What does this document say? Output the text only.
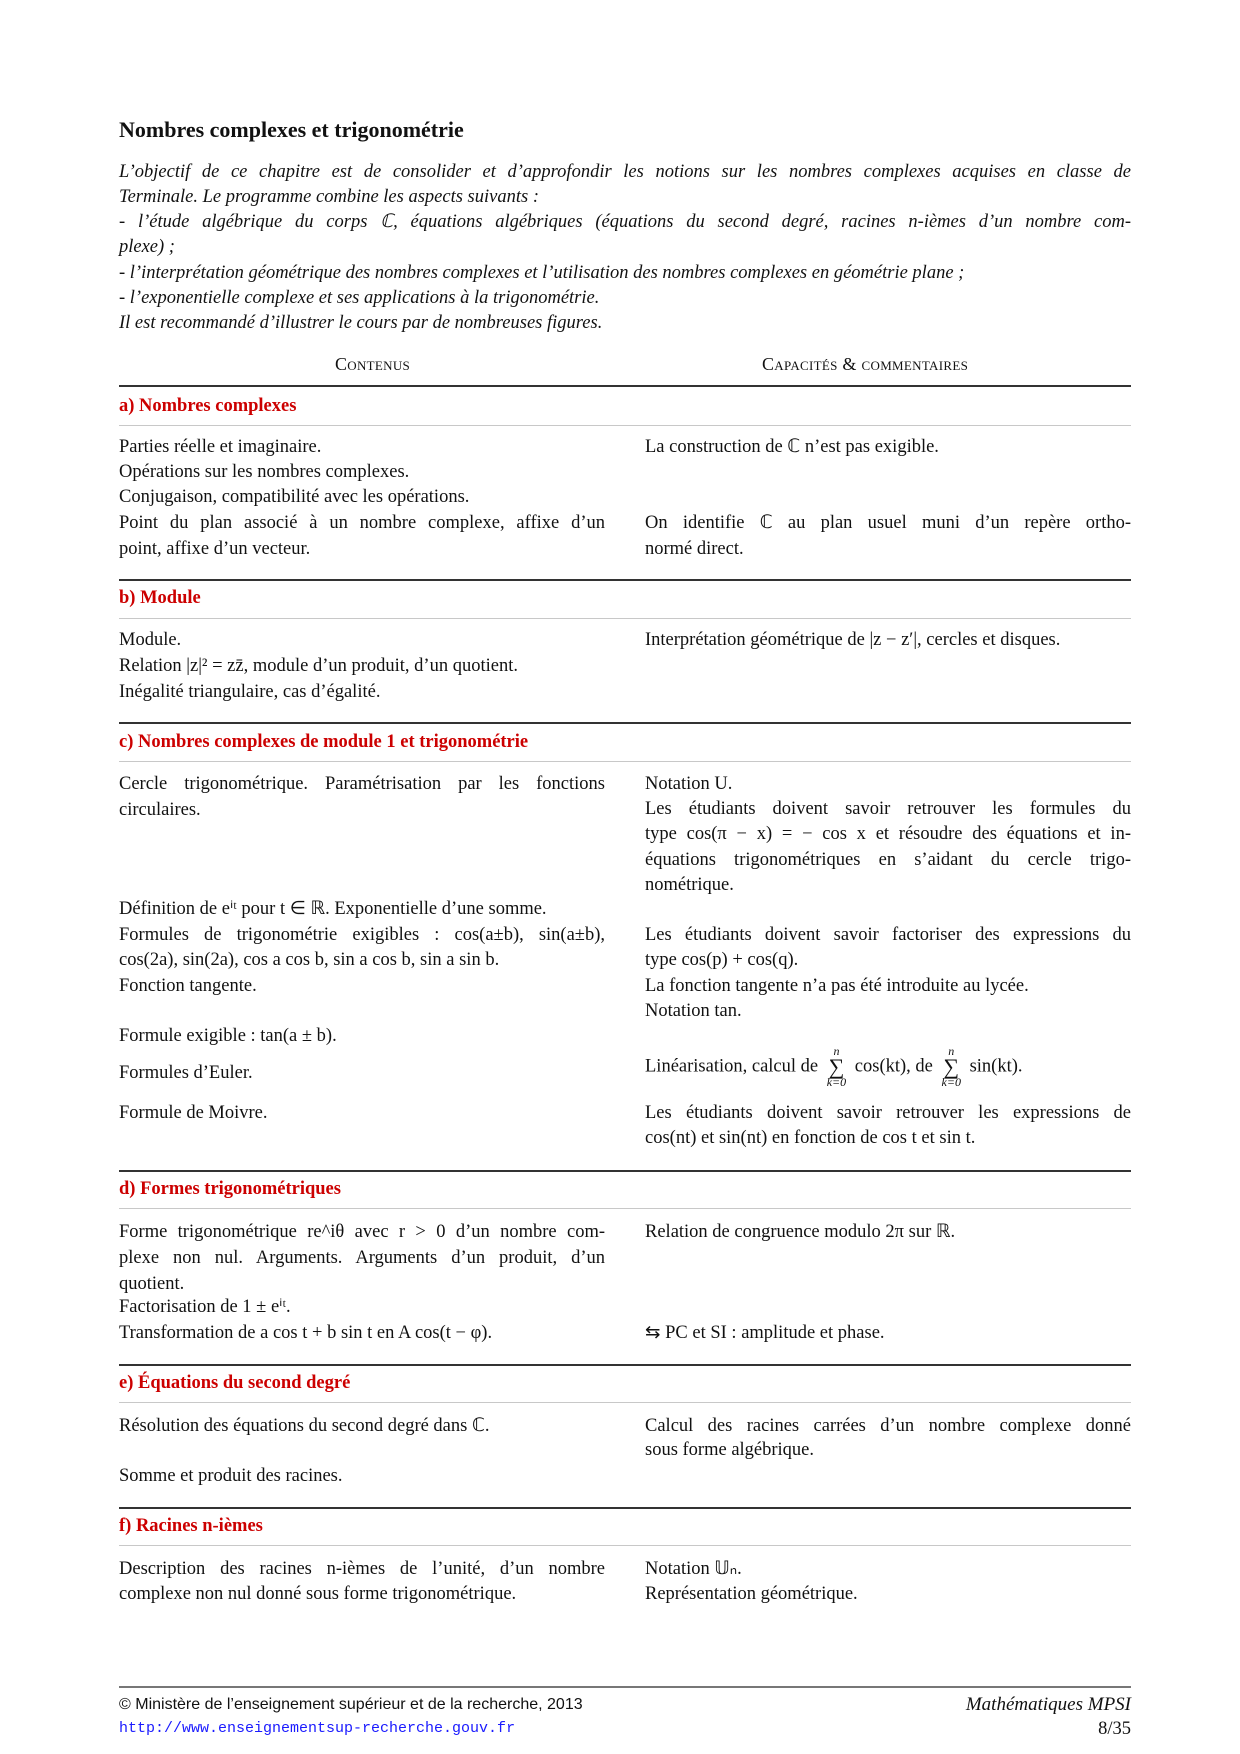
Nombres complexes et trigonométrie
L’objectif de ce chapitre est de consolider et d’approfondir les notions sur les nombres complexes acquises en classe de
Terminale. Le programme combine les aspects suivants :
- l’étude algébrique du corps ℂ, équations algébriques (équations du second degré, racines n-ièmes d’un nombre com-
plexe) ;
- l’interprétation géométrique des nombres complexes et l’utilisation des nombres complexes en géométrie plane ;
- l’exponentielle complexe et ses applications à la trigonométrie.
Il est recommandé d’illustrer le cours par de nombreuses figures.
Contenus	Capacités & commentaires
a) Nombres complexes
Parties réelle et imaginaire.
Opérations sur les nombres complexes.
Conjugaison, compatibilité avec les opérations.
Point du plan associé à un nombre complexe, affixe d’un
point, affixe d’un vecteur.
La construction de ℂ n’est pas exigible.
On identifie ℂ au plan usuel muni d’un repère ortho-
normé direct.
b) Module
Module.
Relation |z|² = zz̄, module d’un produit, d’un quotient.
Inégalité triangulaire, cas d’égalité.
Interprétation géométrique de |z − z′|, cercles et disques.
c) Nombres complexes de module 1 et trigonométrie
Cercle trigonométrique. Paramétrisation par les fonctions
circulaires.
Définition de eⁱᵗ pour t ∈ ℝ. Exponentielle d’une somme.
Formules de trigonométrie exigibles : cos(a±b), sin(a±b),
cos(2a), sin(2a), cos a cos b, sin a cos b, sin a sin b.
Fonction tangente.
Formule exigible : tan(a ± b).
Formules d’Euler.
Formule de Moivre.
Notation U.
Les étudiants doivent savoir retrouver les formules du
type cos(π − x) = − cos x et résoudre des équations et in-
équations trigonométriques en s’aidant du cercle trigo-
nométrique.
Les étudiants doivent savoir factoriser des expressions du
type cos(p) + cos(q).
La fonction tangente n’a pas été introduite au lycée.
Notation tan.
Linéarisation, calcul de n
∑
k=0 cos(kt), de n
∑
k=0 sin(kt).
Les étudiants doivent savoir retrouver les expressions de
cos(nt) et sin(nt) en fonction de cos t et sin t.
d) Formes trigonométriques
Forme trigonométrique re^iθ avec r > 0 d’un nombre com-
plexe non nul. Arguments. Arguments d’un produit, d’un
quotient.
Factorisation de 1 ± eⁱᵗ.
Transformation de a cos t + b sin t en A cos(t − φ).
Relation de congruence modulo 2π sur ℝ.
⇆ PC et SI : amplitude et phase.
e) Équations du second degré
Résolution des équations du second degré dans ℂ.
Somme et produit des racines.
Calcul des racines carrées d’un nombre complexe donné
sous forme algébrique.
f) Racines n-ièmes
Description des racines n-ièmes de l’unité, d’un nombre
complexe non nul donné sous forme trigonométrique.
Notation 𝕌ₙ.
Représentation géométrique.
© Ministère de l’enseignement supérieur et de la recherche, 2013
http://www.enseignementsup-recherche.gouv.fr
Mathématiques MPSI
8/35
